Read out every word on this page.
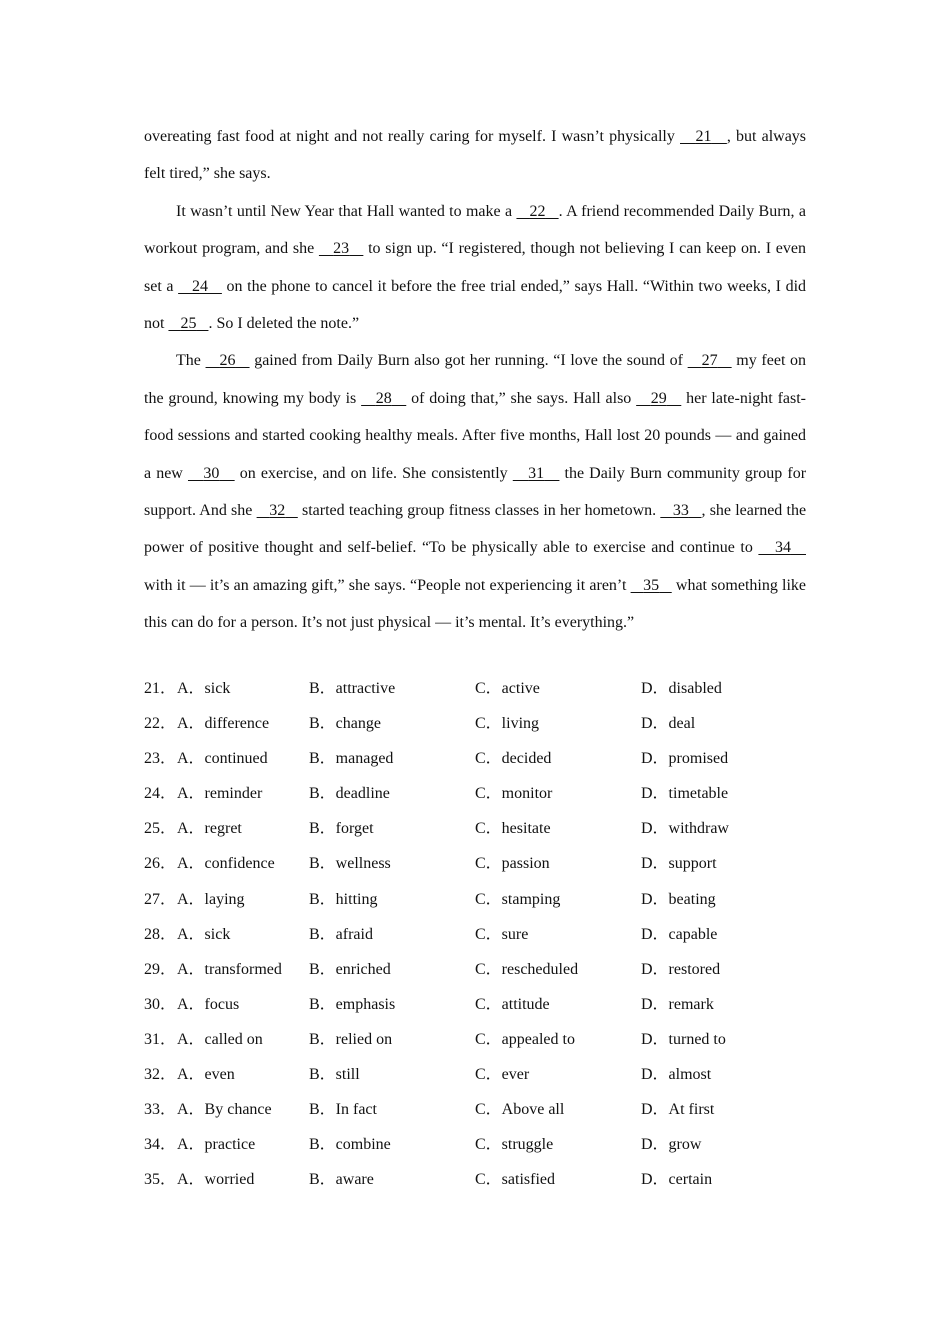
overeating fast food at night and not really caring for myself. I wasn’t physically    21 , but always felt tired,” she says.

It wasn’t until New Year that Hall wanted to make a    22 . A friend recommended Daily Burn, a workout program, and she    23    to sign up. “I registered, though not believing I can keep on. I even set a    24    on the phone to cancel it before the free trial ended,” says Hall. “Within two weeks, I did not    25 . So I deleted the note.”

The    26    gained from Daily Burn also got her running. “I love the sound of    27    my feet on the ground, knowing my body is    28    of doing that,” she says. Hall also    29    her late-night fast-food sessions and started cooking healthy meals. After five months, Hall lost 20 pounds — and gained a new    30    on exercise, and on life. She consistently    31    the Daily Burn community group for support. And she    32    started teaching group fitness classes in her hometown.    33 , she learned the power of positive thought and self-belief. “To be physically able to exercise and continue to    34    with it — it’s an amazing gift,” she says. “People not experiencing it aren’t    35    what something like this can do for a person. It’s not just physical — it’s mental. It’s everything.”

21． A．sick	B．attractive	C．active	D．disabled
22． A．difference B．change	C．living	D．deal
23． A．continued	B．managed	C．decided	D．promised
24． A．reminder	B．deadline	C．monitor	D．timetable
25． A．regret	B．forget	C．hesitate	D．withdraw
26． A．confidence B．wellness	C．passion	D．support
27． A．laying	B．hitting	C．stamping	D．beating
28． A．sick	B．afraid	C．sure	D．capable
29． A．transformed B．enriched	C．rescheduled	D．restored
30． A．focus	B．emphasis	C．attitude	D．remark
31． A．called on	B．relied on	C．appealed to	D．turned to
32． A．even	B．still	C．ever	D．almost
33． A．By chance B．In fact	C．Above all	D．At first
34． A．practice	B．combine	C．struggle	D．grow
35． A．worried	B．aware	C．satisfied	D．certain
